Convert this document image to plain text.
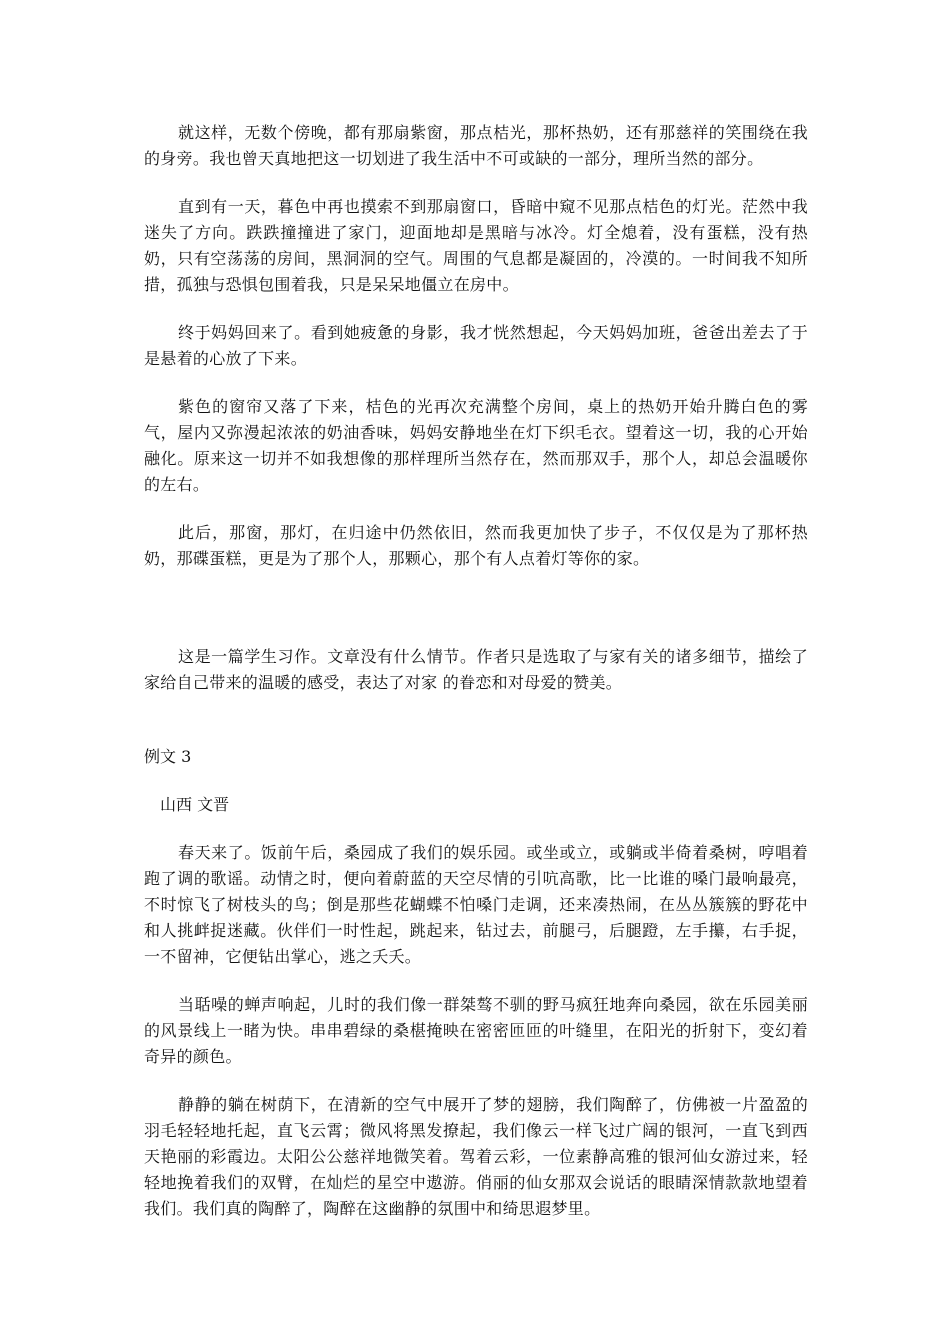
就这样，无数个傍晚，都有那扇紫窗，那点桔光，那杯热奶，还有那慈祥的笑围绕在我的身旁。我也曾天真地把这一切划进了我生活中不可或缺的一部分，理所当然的部分。

直到有一天，暮色中再也摸索不到那扇窗口，昏暗中窥不见那点桔色的灯光。茫然中我迷失了方向。跌跌撞撞进了家门，迎面地却是黑暗与冰冷。灯全熄着，没有蛋糕，没有热奶，只有空荡荡的房间，黑洞洞的空气。周围的气息都是凝固的，冷漠的。一时间我不知所措，孤独与恐惧包围着我，只是呆呆地僵立在房中。

终于妈妈回来了。看到她疲惫的身影，我才恍然想起，今天妈妈加班，爸爸出差去了于是悬着的心放了下来。

紫色的窗帘又落了下来，桔色的光再次充满整个房间，桌上的热奶开始升腾白色的雾气，屋内又弥漫起浓浓的奶油香味，妈妈安静地坐在灯下织毛衣。望着这一切，我的心开始融化。原来这一切并不如我想像的那样理所当然存在，然而那双手，那个人，却总会温暖你的左右。

此后，那窗，那灯，在归途中仍然依旧，然而我更加快了步子，不仅仅是为了那杯热奶，那碟蛋糕，更是为了那个人，那颗心，那个有人点着灯等你的家。

这是一篇学生习作。文章没有什么情节。作者只是选取了与家有关的诸多细节，描绘了家给自己带来的温暖的感受，表达了对家 的眷恋和对母爱的赞美。

例文 3

山西 文晋

春天来了。饭前午后，桑园成了我们的娱乐园。或坐或立，或躺或半倚着桑树，哼唱着跑了调的歌谣。动情之时，便向着蔚蓝的天空尽情的引吭高歌，比一比谁的嗓门最响最亮，不时惊飞了树枝头的鸟；倒是那些花蝴蝶不怕嗓门走调，还来凑热闹，在丛丛簇簇的野花中和人挑衅捉迷藏。伙伴们一时性起，跳起来，钻过去，前腿弓，后腿蹬，左手攥，右手捉，一不留神，它便钻出掌心，逃之夭夭。

当聒噪的蝉声响起，儿时的我们像一群桀骜不驯的野马疯狂地奔向桑园，欲在乐园美丽的风景线上一睹为快。串串碧绿的桑椹掩映在密密匝匝的叶缝里，在阳光的折射下，变幻着奇异的颜色。

静静的躺在树荫下，在清新的空气中展开了梦的翅膀，我们陶醉了，仿佛被一片盈盈的羽毛轻轻地托起，直飞云霄；微风将黑发撩起，我们像云一样飞过广阔的银河，一直飞到西天艳丽的彩霞边。太阳公公慈祥地微笑着。驾着云彩，一位素静高雅的银河仙女游过来，轻轻地挽着我们的双臂，在灿烂的星空中遨游。俏丽的仙女那双会说话的眼睛深情款款地望着我们。我们真的陶醉了，陶醉在这幽静的氛围中和绮思遐梦里。
